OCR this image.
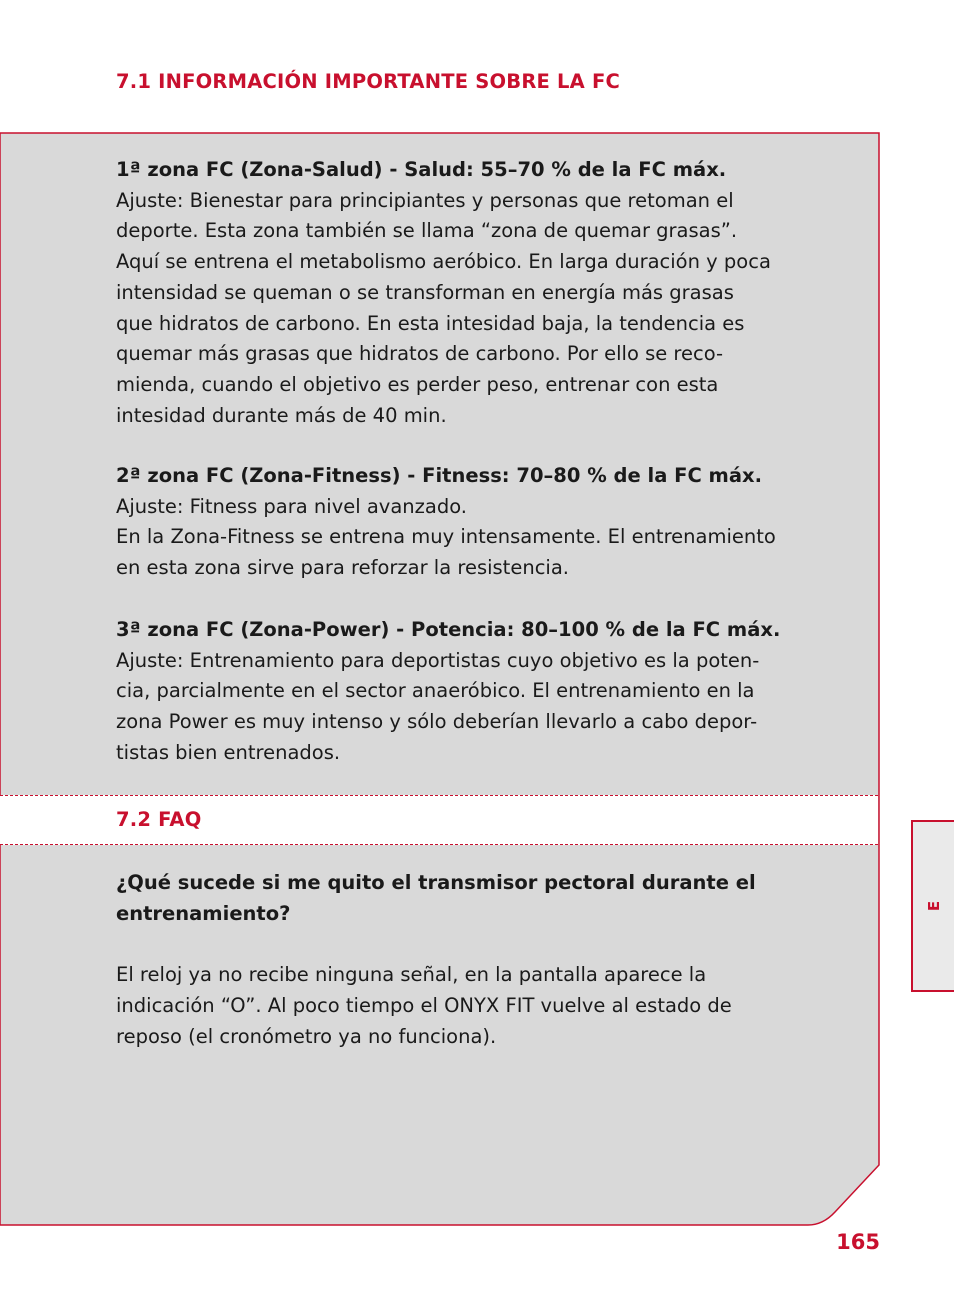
7.1 INFORMACIÓN IMPORTANTE SOBRE LA FC

1ª zona FC (Zona-Salud) - Salud: 55–70 % de la FC máx.

Ajuste: Bienestar para principiantes y personas que retoman el

deporte. Esta zona también se llama “zona de quemar grasas”.

Aquí se entrena el metabolismo aeróbico. En larga duración y poca

intensidad se queman o se transforman en energía más grasas

que hidratos de carbono. En esta intesidad baja, la tendencia es

quemar más grasas que hidratos de carbono. Por ello se reco-

mienda, cuando el objetivo es perder peso, entrenar con esta

intesidad durante más de 40 min.

2ª zona FC (Zona-Fitness) - Fitness: 70–80 % de la FC máx.

Ajuste: Fitness para nivel avanzado.

En la Zona-Fitness se entrena muy intensamente. El entrenamiento

en esta zona sirve para reforzar la resistencia.

3ª zona FC (Zona-Power) - Potencia: 80–100 % de la FC máx.

Ajuste: Entrenamiento para deportistas cuyo objetivo es la poten-

cia, parcialmente en el sector anaeróbico. El entrenamiento en la

zona Power es muy intenso y sólo deberían llevarlo a cabo depor-

tistas bien entrenados.

7.2 FAQ

¿Qué sucede si me quito el transmisor pectoral durante el

entrenamiento?

El reloj ya no recibe ninguna señal, en la pantalla aparece la

indicación “O”. Al poco tiempo el ONYX FIT vuelve al estado de

reposo (el cronómetro ya no funciona).

E
165
